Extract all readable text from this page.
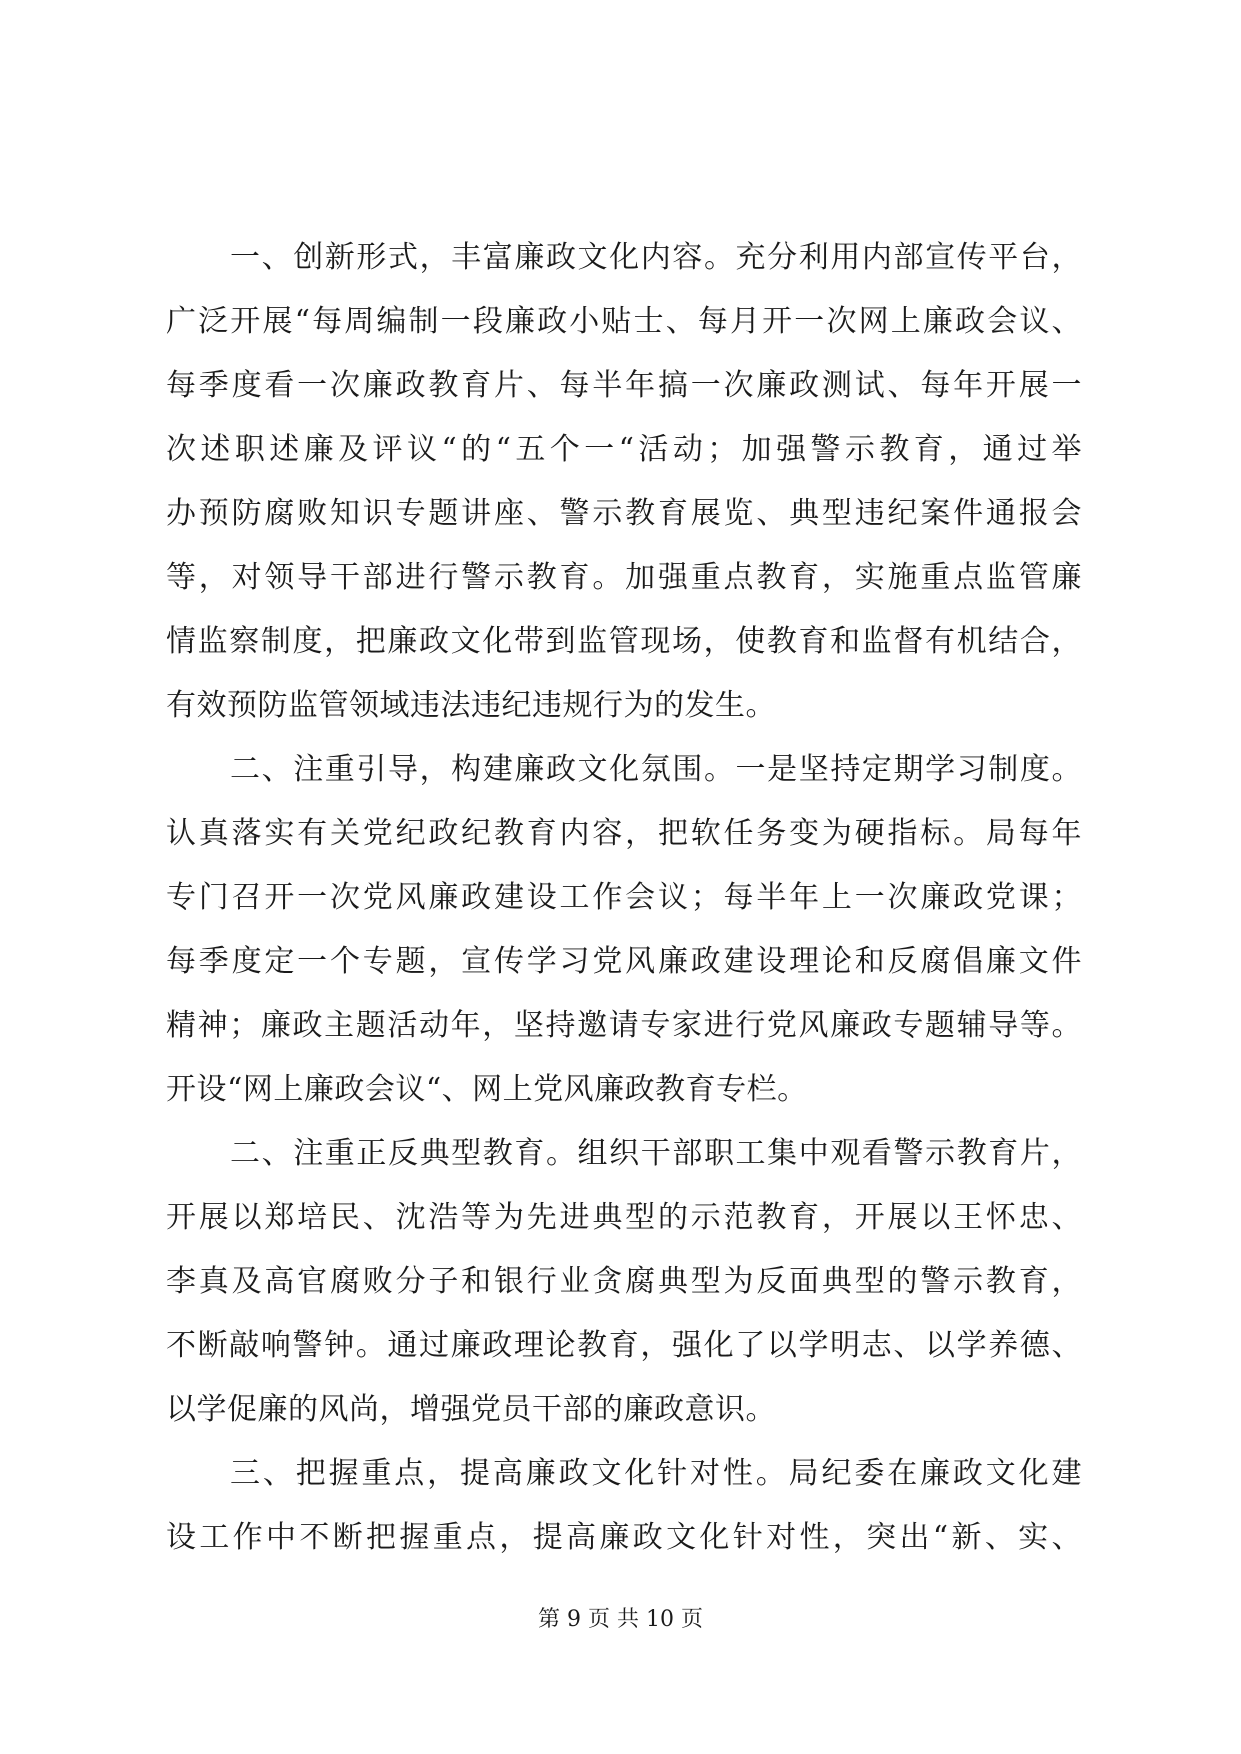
一、创新形式，丰富廉政文化内容。充分利用内部宣传平台，
广泛开展“每周编制一段廉政小贴士、每月开一次网上廉政会议、
每季度看一次廉政教育片、每半年搞一次廉政测试、每年开展一
次述职述廉及评议“的“五个一“活动；加强警示教育，通过举
办预防腐败知识专题讲座、警示教育展览、典型违纪案件通报会
等，对领导干部进行警示教育。加强重点教育，实施重点监管廉
情监察制度，把廉政文化带到监管现场，使教育和监督有机结合，
有效预防监管领域违法违纪违规行为的发生。
二、注重引导，构建廉政文化氛围。一是坚持定期学习制度。
认真落实有关党纪政纪教育内容，把软任务变为硬指标。局每年
专门召开一次党风廉政建设工作会议；每半年上一次廉政党课；
每季度定一个专题，宣传学习党风廉政建设理论和反腐倡廉文件
精神；廉政主题活动年，坚持邀请专家进行党风廉政专题辅导等。
开设“网上廉政会议“、网上党风廉政教育专栏。
二、注重正反典型教育。组织干部职工集中观看警示教育片，
开展以郑培民、沈浩等为先进典型的示范教育，开展以王怀忠、
李真及高官腐败分子和银行业贪腐典型为反面典型的警示教育，
不断敲响警钟。通过廉政理论教育，强化了以学明志、以学养德、
以学促廉的风尚，增强党员干部的廉政意识。
三、把握重点，提高廉政文化针对性。局纪委在廉政文化建
设工作中不断把握重点，提高廉政文化针对性，突出“新、实、
第 9 页 共 10 页
